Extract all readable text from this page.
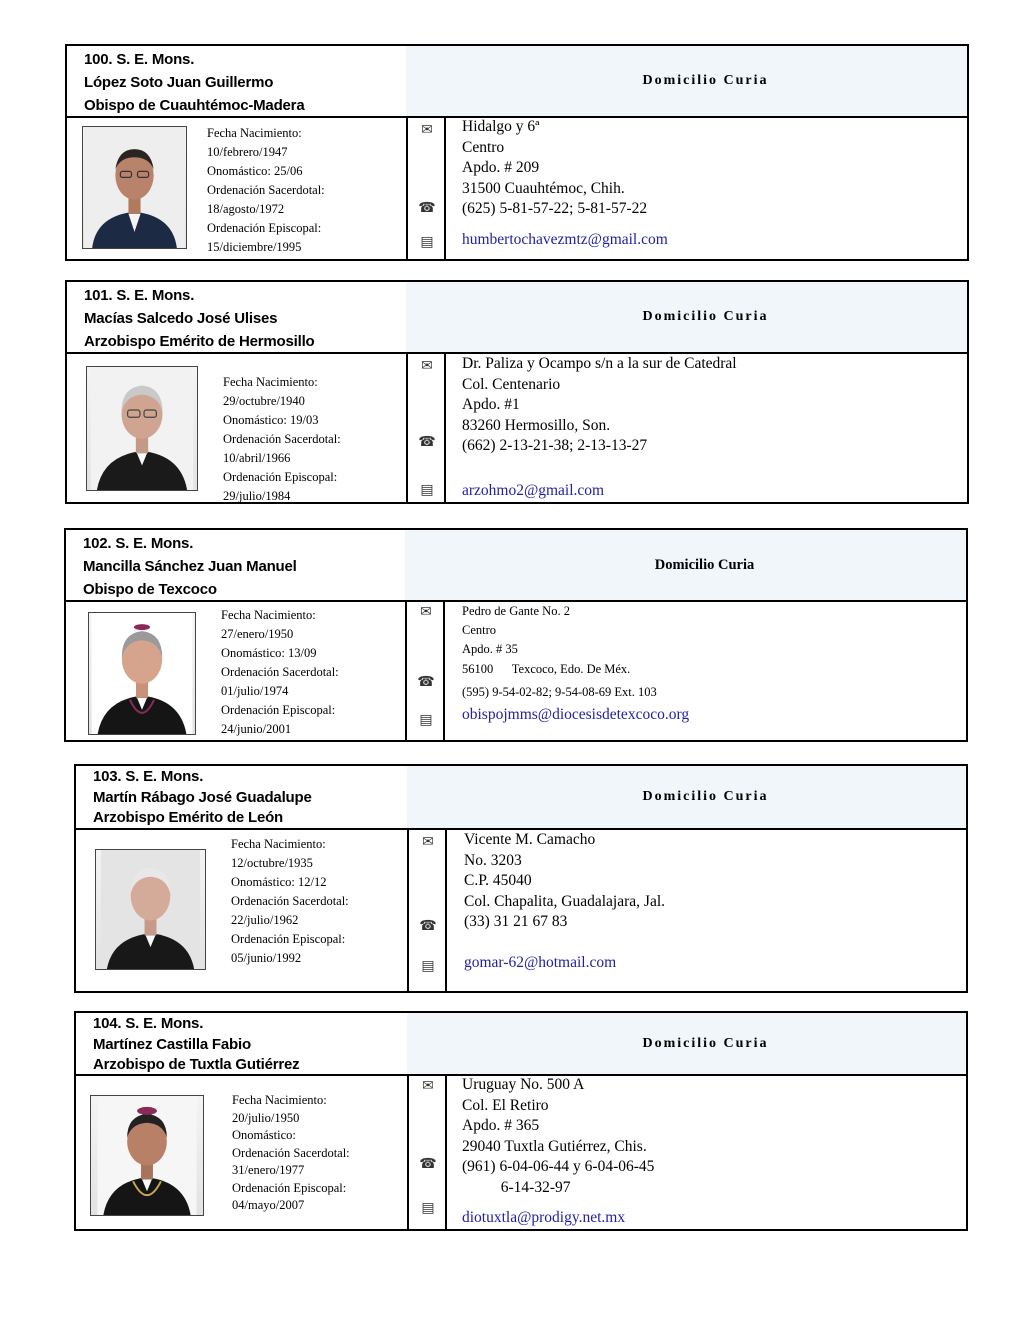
100. S. E. Mons.
López Soto Juan Guillermo
Obispo de Cuauhtémoc-Madera
Domicilio Curia
Fecha Nacimiento:
10/febrero/1947
Onomástico: 25/06
Ordenación Sacerdotal:
18/agosto/1972
Ordenación Episcopal:
15/diciembre/1995
✉
☎
▤
Hidalgo y 6ª
Centro
Apdo. # 209
31500 Cuauhtémoc, Chih.
(625) 5-81-57-22; 5-81-57-22
humbertochavezmtz@gmail.com
101. S. E. Mons.
Macías Salcedo José Ulises
Arzobispo Emérito de Hermosillo
Domicilio Curia
Fecha Nacimiento:
29/octubre/1940
Onomástico: 19/03
Ordenación Sacerdotal:
10/abril/1966
Ordenación Episcopal:
29/julio/1984
✉
☎
▤
Dr. Paliza y Ocampo s/n a la sur de Catedral
Col. Centenario
Apdo. #1
83260 Hermosillo, Son.
(662) 2-13-21-38; 2-13-13-27
arzohmo2@gmail.com
102. S. E. Mons.
Mancilla Sánchez Juan Manuel
Obispo de Texcoco
Domicilio Curia
Fecha Nacimiento:
27/enero/1950
Onomástico: 13/09
Ordenación Sacerdotal:
01/julio/1974
Ordenación Episcopal:
24/junio/2001
✉
☎
▤
Pedro de Gante No. 2
Centro
Apdo. # 35
56100      Texcoco, Edo. De Méx.
(595) 9-54-02-82; 9-54-08-69 Ext. 103
obispojmms@diocesisdetexcoco.org
103. S. E. Mons.
Martín Rábago José Guadalupe
Arzobispo Emérito de León
Domicilio Curia
Fecha Nacimiento:
12/octubre/1935
Onomástico: 12/12
Ordenación Sacerdotal:
22/julio/1962
Ordenación Episcopal:
05/junio/1992
✉
☎
▤
Vicente M. Camacho
No. 3203
C.P. 45040
Col. Chapalita, Guadalajara, Jal.
(33) 31 21 67 83
gomar-62@hotmail.com
104. S. E. Mons.
Martínez Castilla Fabio
Arzobispo de Tuxtla Gutiérrez
Domicilio Curia
Fecha Nacimiento:
20/julio/1950
Onomástico:
Ordenación Sacerdotal:
31/enero/1977
Ordenación Episcopal:
04/mayo/2007
✉
☎
▤
Uruguay No. 500 A
Col. El Retiro
Apdo. # 365
29040 Tuxtla Gutiérrez, Chis.
(961) 6-04-06-44 y 6-04-06-45
6-14-32-97
diotuxtla@prodigy.net.mx
